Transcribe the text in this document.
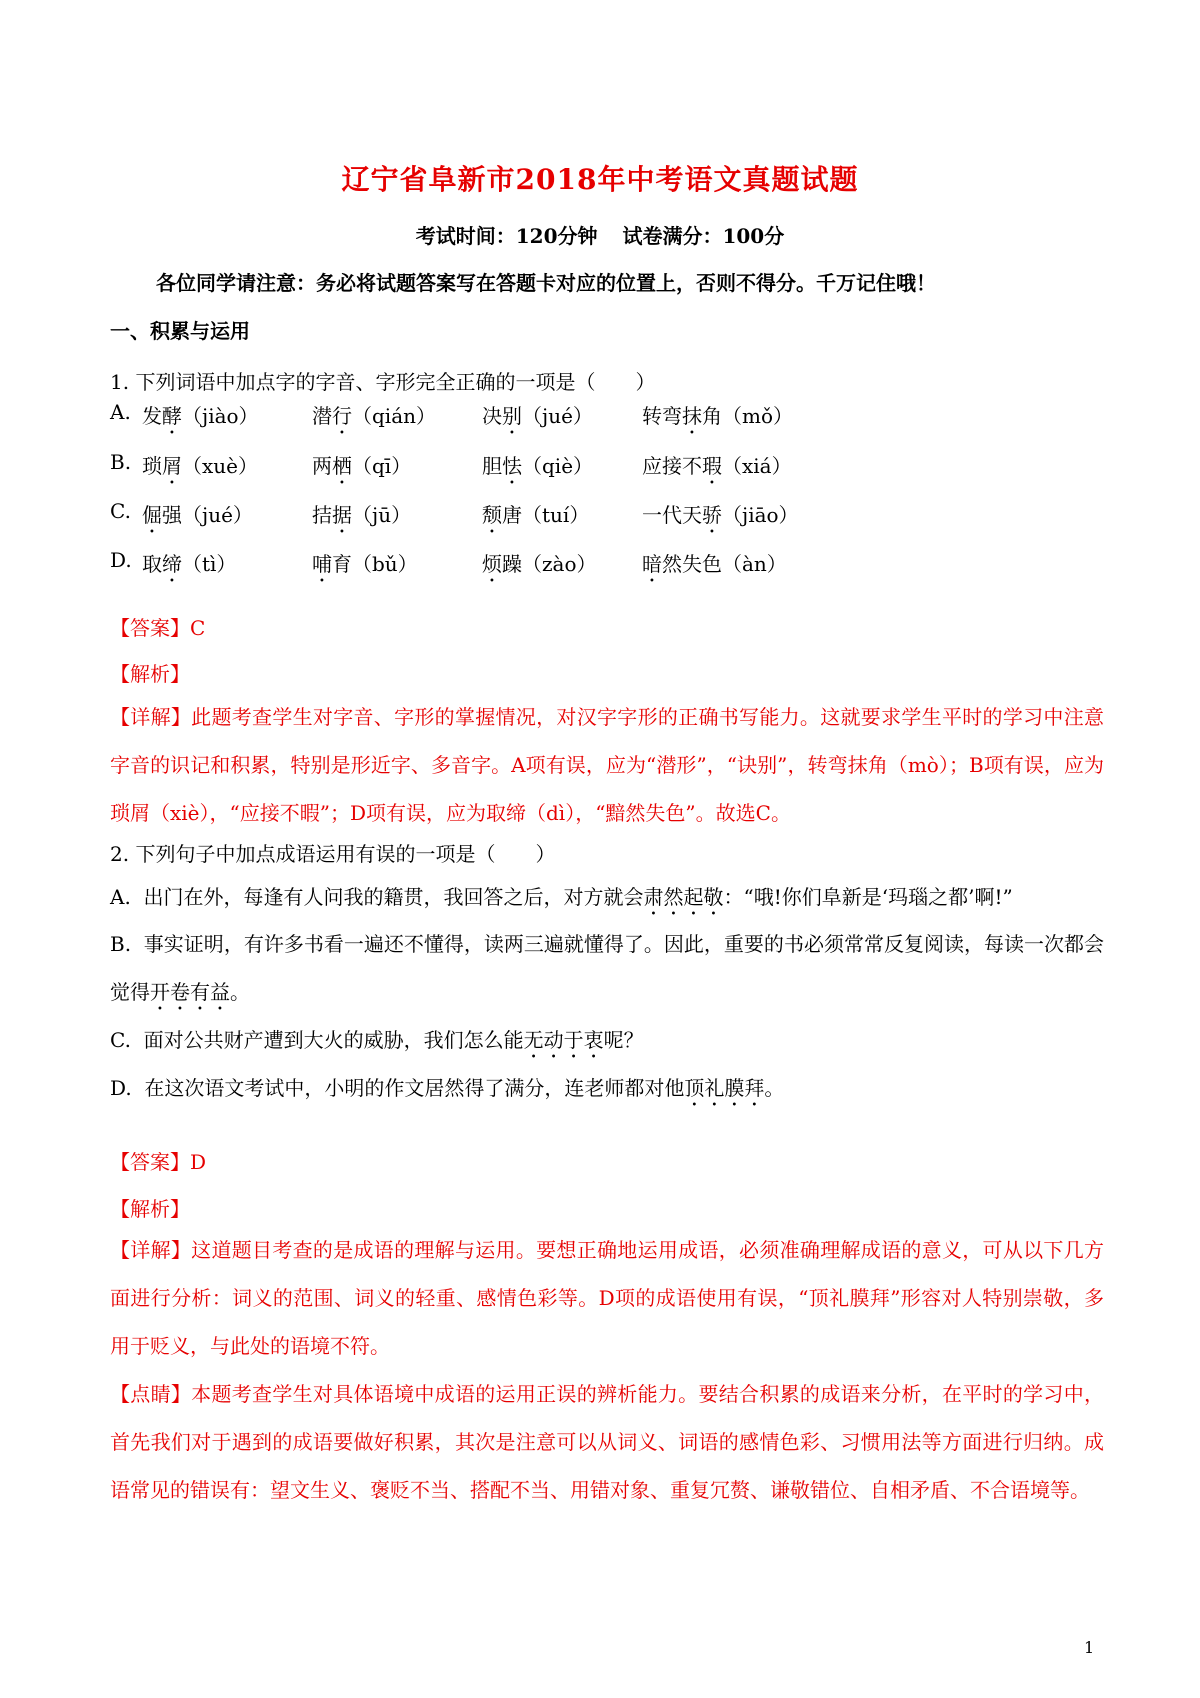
辽宁省阜新市2018年中考语文真题试题
考试时间：120分钟 试卷满分：100分
各位同学请注意：务必将试题答案写在答题卡对应的位置上，否则不得分。千万记住哦！
一、积累与运用
1. 下列词语中加点字的字音、字形完全正确的一项是（　　）
A. 发酵（jiào）	潜行（qián） 决别（jué） 转弯抹角（mǒ）
B. 琐屑（xuè）	两栖（qī）	胆怯（qiè） 应接不瑕（xiá）
C. 倔强（jué）	拮据（jū）	颓唐（tuí）	一代天骄（jiāo）
D. 取缔（tì）	哺育（bǔ）	烦躁（zào） 暗然失色（àn）
【答案】C
【解析】
【详解】此题考查学生对字音、字形的掌握情况，对汉字字形的正确书写能力。这就要求学生平时的学习中注意字音的识记和积累，特别是形近字、多音字。A项有误，应为“潜形”，“诀别”，转弯抹角（mò）；B项有误，应为琐屑（xiè），“应接不暇”；D项有误，应为取缔（dì），“黯然失色”。故选C。
2. 下列句子中加点成语运用有误的一项是（　　）
A. 出门在外，每逢有人问我的籍贯，我回答之后，对方就会肃然起敬：“哦!你们阜新是‘玛瑙之都’啊!”
B. 事实证明，有许多书看一遍还不懂得，读两三遍就懂得了。因此，重要的书必须常常反复阅读，每读一次都会觉得开卷有益。
C. 面对公共财产遭到大火的威胁，我们怎么能无动于衷呢？
D. 在这次语文考试中，小明的作文居然得了满分，连老师都对他顶礼膜拜。
【答案】D
【解析】
【详解】这道题目考查的是成语的理解与运用。要想正确地运用成语，必须准确理解成语的意义，可从以下几方面进行分析：词义的范围、词义的轻重、感情色彩等。D项的成语使用有误，“顶礼膜拜”形容对人特别崇敬，多用于贬义，与此处的语境不符。
【点睛】本题考查学生对具体语境中成语的运用正误的辨析能力。要结合积累的成语来分析，在平时的学习中，首先我们对于遇到的成语要做好积累，其次是注意可以从词义、词语的感情色彩、习惯用法等方面进行归纳。成语常见的错误有：望文生义、褒贬不当、搭配不当、用错对象、重复冗赘、谦敬错位、自相矛盾、不合语境等。
1
